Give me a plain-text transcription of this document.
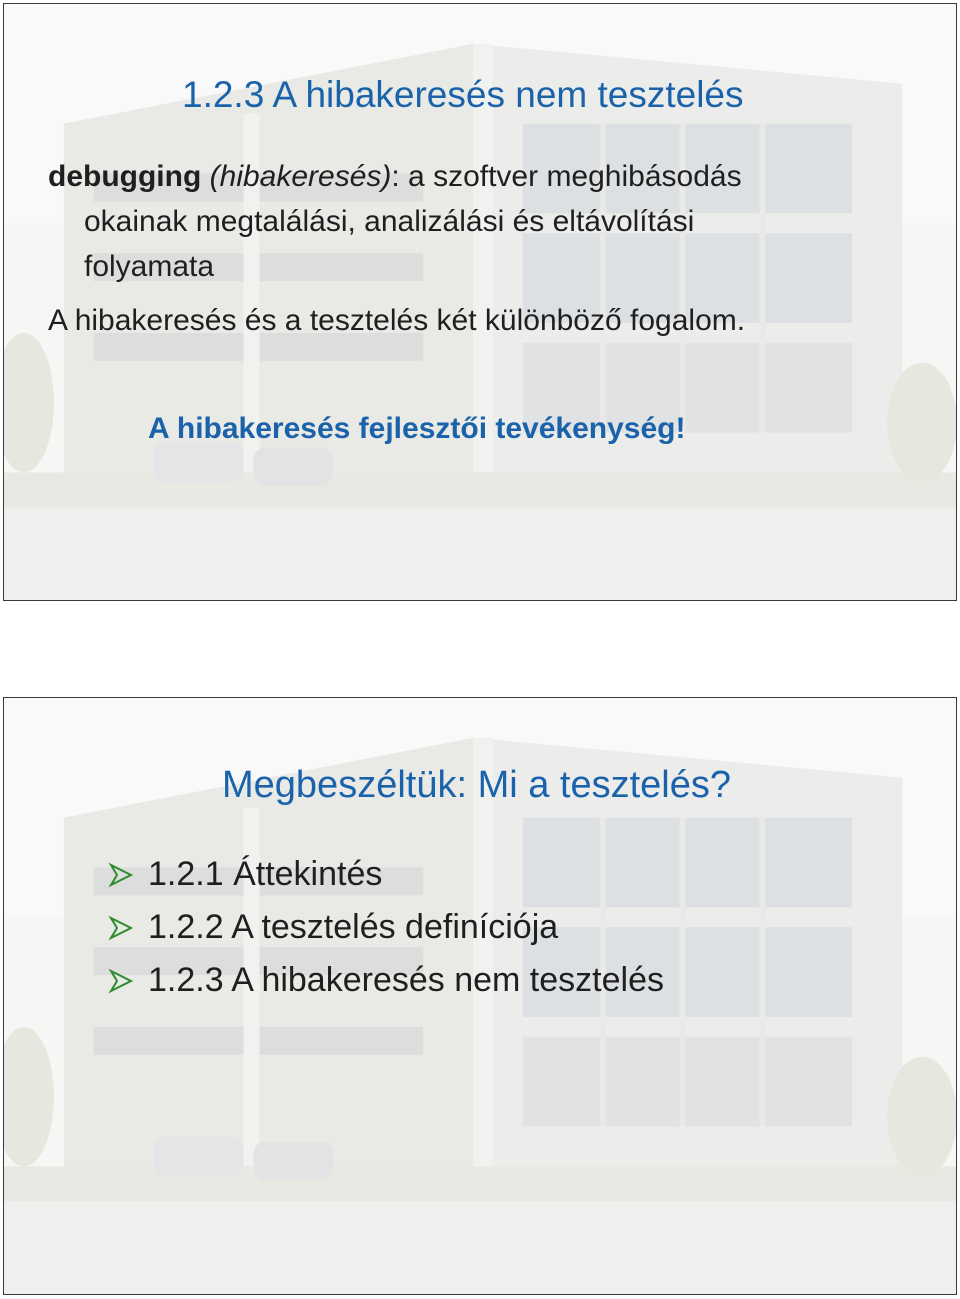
1.2.3 A hibakeresés nem tesztelés
debugging (hibakeresés): a szoftver meghibásodás
okainak megtalálási, analizálási és eltávolítási
folyamata
A hibakeresés és a tesztelés két különböző fogalom.
A hibakeresés fejlesztői tevékenység!
Megbeszéltük: Mi a tesztelés?
1.2.1 Áttekintés
1.2.2 A tesztelés definíciója
1.2.3 A hibakeresés nem tesztelés
